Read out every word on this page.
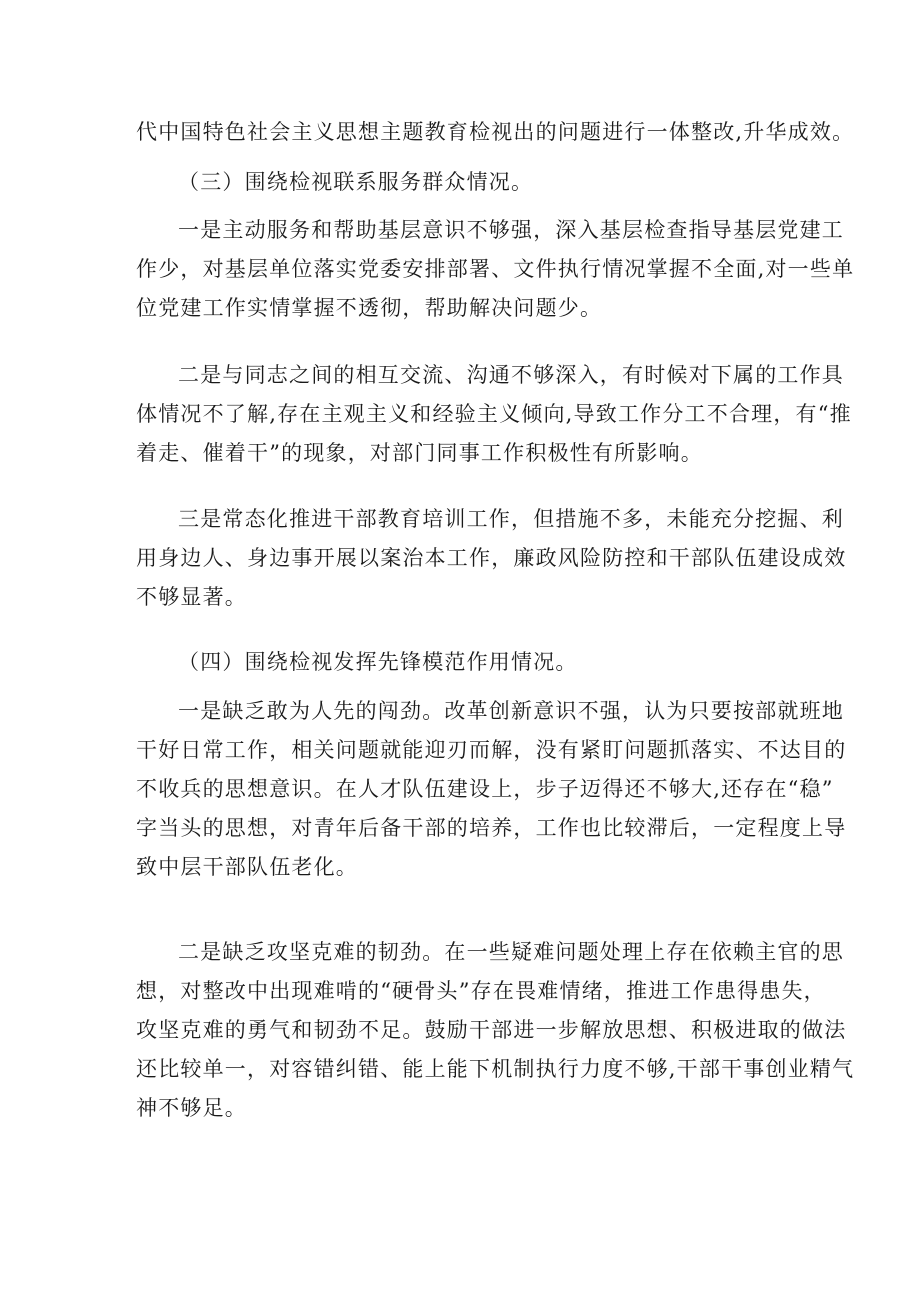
代中国特色社会主义思想主题教育检视出的问题进行一体整改,升华成效。
（三）围绕检视联系服务群众情况。
一是主动服务和帮助基层意识不够强，深入基层检查指导基层党建工
作少，对基层单位落实党委安排部署、文件执行情况掌握不全面,对一些单
位党建工作实情掌握不透彻，帮助解决问题少。
二是与同志之间的相互交流、沟通不够深入，有时候对下属的工作具
体情况不了解,存在主观主义和经验主义倾向,导致工作分工不合理，有“推
着走、催着干”的现象，对部门同事工作积极性有所影响。
三是常态化推进干部教育培训工作，但措施不多，未能充分挖掘、利
用身边人、身边事开展以案治本工作，廉政风险防控和干部队伍建设成效
不够显著。
（四）围绕检视发挥先锋模范作用情况。
一是缺乏敢为人先的闯劲。改革创新意识不强，认为只要按部就班地
干好日常工作，相关问题就能迎刃而解，没有紧盯问题抓落实、不达目的
不收兵的思想意识。在人才队伍建设上，步子迈得还不够大,还存在“稳”
字当头的思想，对青年后备干部的培养，工作也比较滞后，一定程度上导
致中层干部队伍老化。
二是缺乏攻坚克难的韧劲。在一些疑难问题处理上存在依赖主官的思
想，对整改中出现难啃的“硬骨头”存在畏难情绪，推进工作患得患失，
攻坚克难的勇气和韧劲不足。鼓励干部进一步解放思想、积极进取的做法
还比较单一，对容错纠错、能上能下机制执行力度不够,干部干事创业精气
神不够足。
